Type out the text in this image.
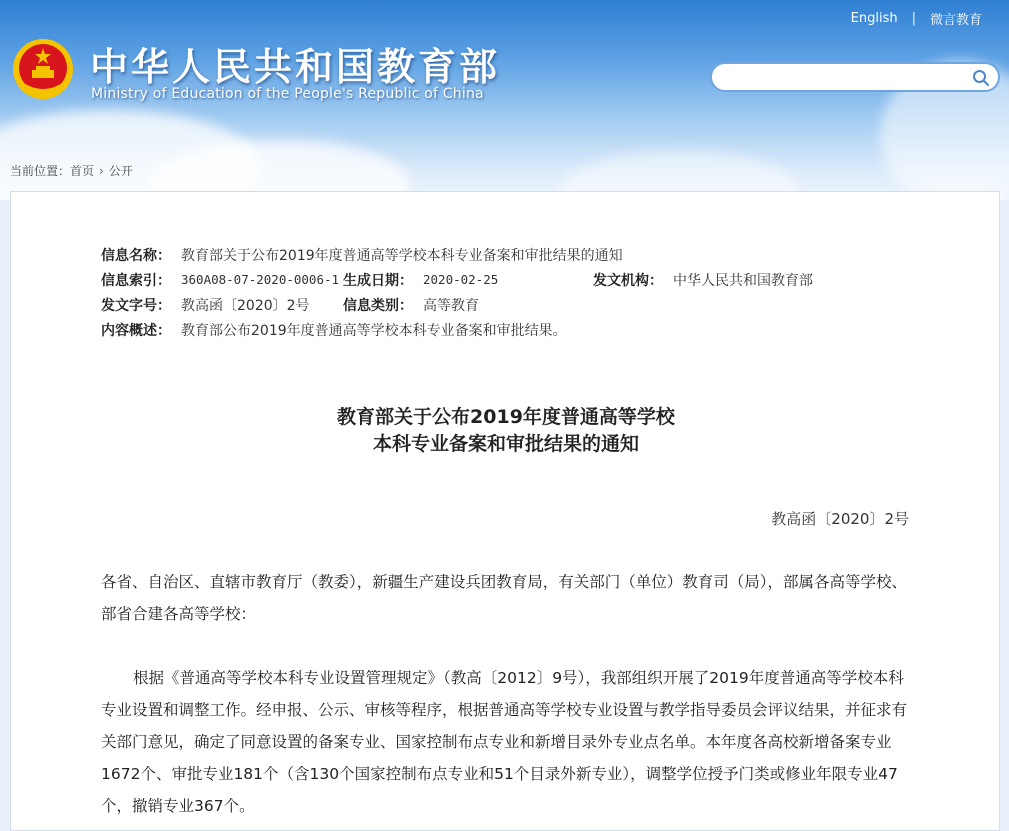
English | 微言教育
中华人民共和国教育部
Ministry of Education of the People's Republic of China
当前位置： 首页 › 公开
信息名称： 教育部关于公布2019年度普通高等学校本科专业备案和审批结果的通知
信息索引： 360A08-07-2020-0006-1 生成日期： 2020-02-25	发文机构： 中华人民共和国教育部
发文字号： 教高函〔2020〕2号	信息类别： 高等教育
内容概述： 教育部公布2019年度普通高等学校本科专业备案和审批结果。
教育部关于公布2019年度普通高等学校
本科专业备案和审批结果的通知
教高函〔2020〕2号
各省、自治区、直辖市教育厅（教委），新疆生产建设兵团教育局，有关部门（单位）教育司（局），部属各高等学校、部省合建各高等学校：
根据《普通高等学校本科专业设置管理规定》（教高〔2012〕9号），我部组织开展了2019年度普通高等学校本科专业设置和调整工作。经申报、公示、审核等程序，根据普通高等学校专业设置与教学指导委员会评议结果，并征求有关部门意见，确定了同意设置的备案专业、国家控制布点专业和新增目录外专业点名单。本年度各高校新增备案专业1672个、审批专业181个（含130个国家控制布点专业和51个目录外新专业），调整学位授予门类或修业年限专业47个，撤销专业367个。
